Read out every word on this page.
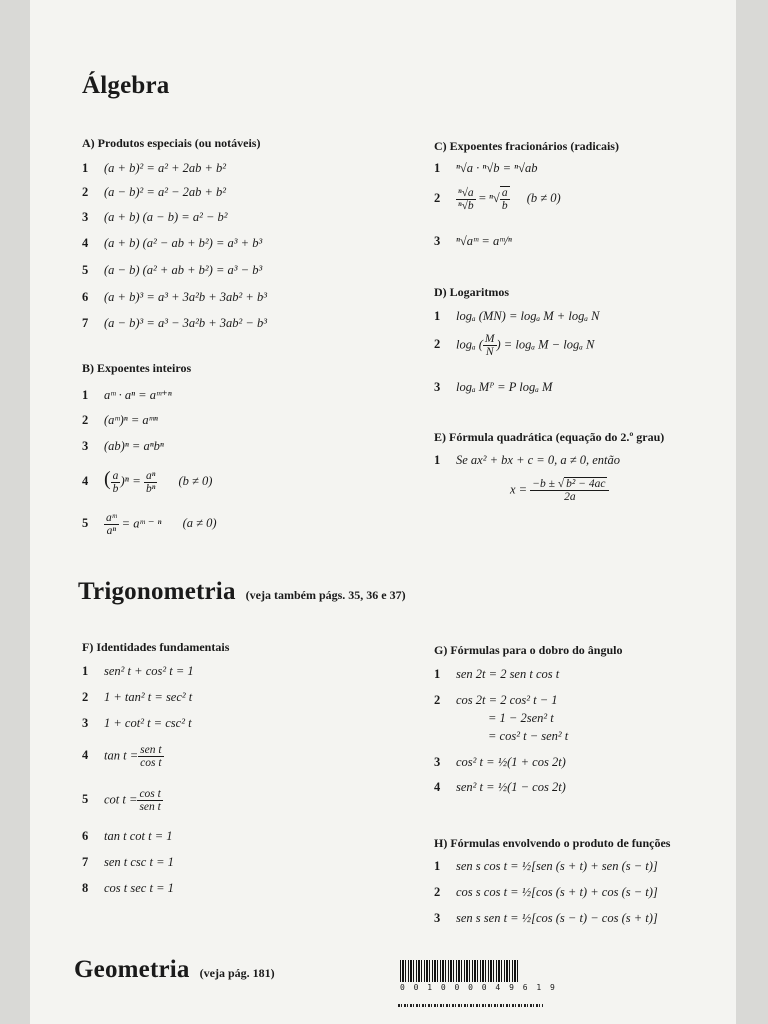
Álgebra
A) Produtos especiais (ou notáveis)
1 (a + b)² = a² + 2ab + b²
2 (a − b)² = a² − 2ab + b²
3 (a + b) (a − b) = a² − b²
4 (a + b) (a² − ab + b²) = a³ + b³
5 (a − b) (a² + ab + b²) = a³ − b³
6 (a + b)³ = a³ + 3a²b + 3ab² + b³
7 (a − b)³ = a³ − 3a²b + 3ab² − b³
B) Expoentes inteiros
1 aᵐ · aⁿ = aᵐ⁺ⁿ
2 (aᵐ)ⁿ = aᵐⁿ
3 (ab)ⁿ = aⁿbⁿ
4 ( $\frac{a}{b} )^n = \frac{\text{aⁿ}}{\text{bⁿ}} (b \ne 0)$
$5 \frac{\text{aᵐ}}{\text{aⁿ}}$ = aᵐ ⁻ ⁿ (a ≠ 0)
C) Expoentes fracionários (radicais)
1 ⁿ√a · ⁿ√b = ⁿ√ab
$2 \frac{\text{ⁿ√a}}{\text{ⁿ√b}} = ^n√ \frac{a}{b} (b \ne 0)$
3 ⁿ√aᵐ = aᵐ/ⁿ
D) Logaritmos
1 logₐ (MN) = logₐ M + logₐ N
2 logₐ ( $\frac{M}{N}$ ) = logₐ M − logₐ N
3 logₐ Mᴾ = P logₐ M
E) Fórmula quadrática (equação do 2.º grau)
1 Se ax² + bx + c = 0, a ≠ 0, então
$x = \frac{\text{−b ± √ b² − 4ac}}{2a}$
Trigonometria (veja também págs. 35, 36 e 37)
F) Identidades fundamentais
1 sen² t + cos² t = 1
2 1 + tan² t = sec² t
3 1 + cot² t = csc² t
4 $\tan t = \frac{\text{sen t}}{\text{cos t}}$
5 $\cot t = \frac{\text{cos t}}{\text{sen t}}$
6 tan t cot t = 1
7 sen t csc t = 1
8 cos t sec t = 1
G) Fórmulas para o dobro do ângulo
1 sen 2t = 2 sen t cos t
2 cos 2t = 2 cos² t − 1
= 1 − 2sen² t
= cos² t − sen² t
3 cos² t = ½(1 + cos 2t)
4 sen² t = ½(1 − cos 2t)
H) Fórmulas envolvendo o produto de funções
1 sen s cos t = ½[sen (s + t) + sen (s − t)]
2 cos s cos t = ½[cos (s + t) + cos (s − t)]
3 sen s sen t = ½[cos (s − t) − cos (s + t)]
Geometria (veja pág. 181)
0 0 1 0 0 0 0 4 9 6 1 9
